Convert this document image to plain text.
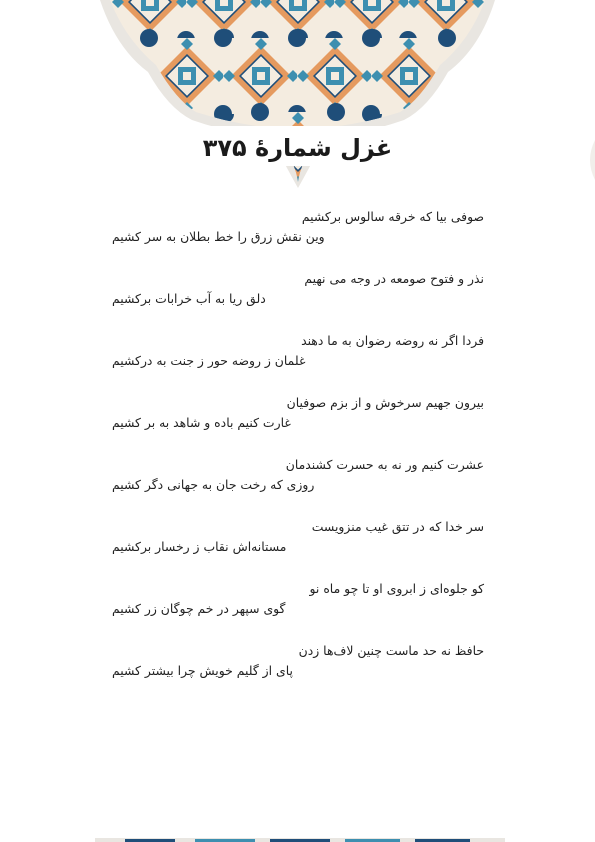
غزل شمارهٔ ۳۷۵
صوفی بیا که خرقه سالوس برکشیم
وین نقش زرق را خط بطلان به سر کشیم
نذر و فتوح صومعه در وجه می نهیم
دلق ریا به آب خرابات برکشیم
فردا اگر نه روضه رضوان به ما دهند
غلمان ز روضه حور ز جنت به درکشیم
بیرون جهیم سرخوش و از بزم صوفیان
غارت کنیم باده و شاهد به بر کشیم
عشرت کنیم ور نه به حسرت کشندمان
روزی که رخت جان به جهانی دگر کشیم
سر خدا که در تتق غیب منزویست
مستانه‌اش نقاب ز رخسار برکشیم
کو جلوه‌ای ز ابروی او تا چو ماه نو
گوی سپهر در خم چوگان زر کشیم
حافظ نه حد ماست چنین لاف‌ها زدن
پای از گلیم خویش چرا بیشتر کشیم
